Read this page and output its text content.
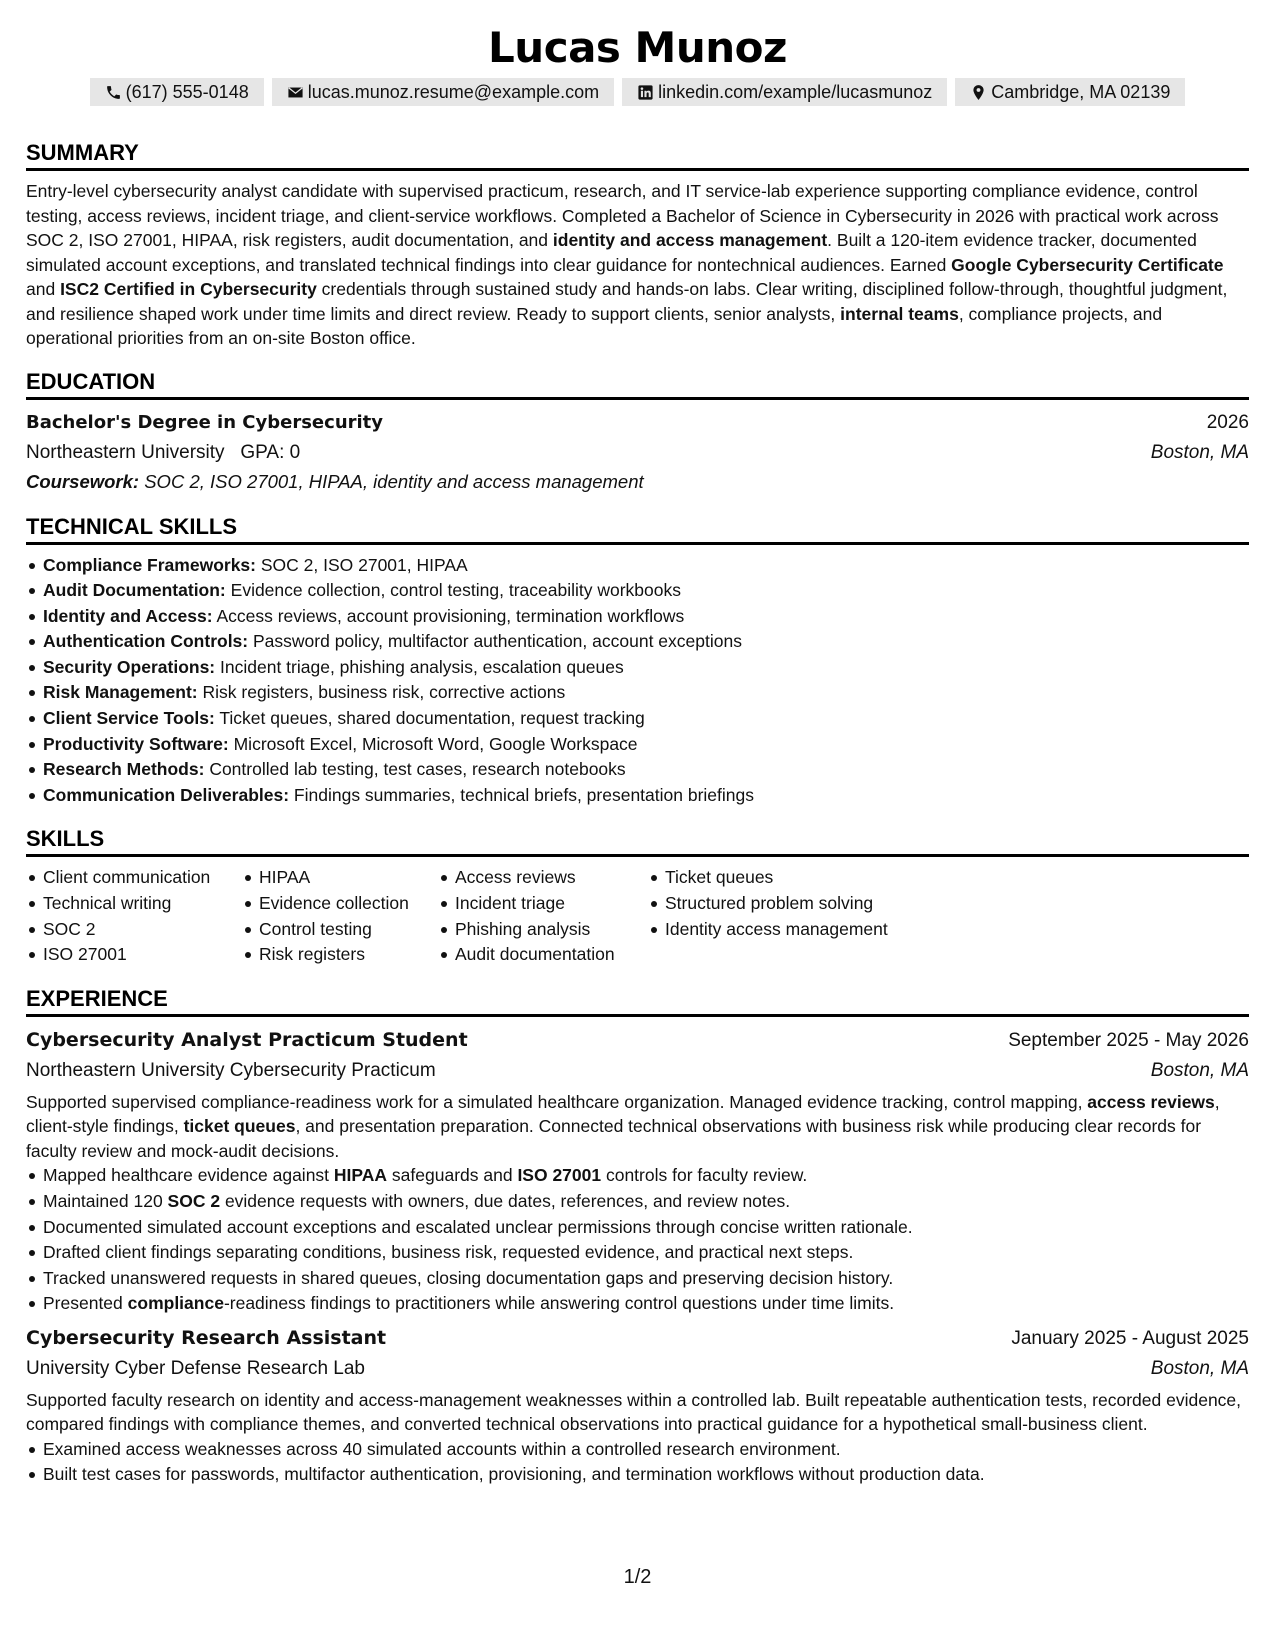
Lucas Munoz
(617) 555-0148	lucas.munoz.resume@example.com	linkedin.com/example/lucasmunoz	Cambridge, MA 02139
SUMMARY

Entry-level cybersecurity analyst candidate with supervised practicum, research, and IT service-lab experience supporting compliance evidence, control testing, access reviews, incident triage, and client-service workflows. Completed a Bachelor of Science in Cybersecurity in 2026 with practical work across SOC 2, ISO 27001, HIPAA, risk registers, audit documentation, and identity and access management. Built a 120-item evidence tracker, documented simulated account exceptions, and translated technical findings into clear guidance for nontechnical audiences. Earned Google Cybersecurity Certificate and ISC2 Certified in Cybersecurity credentials through sustained study and hands-on labs. Clear writing, disciplined follow-through, thoughtful judgment, and resilience shaped work under time limits and direct review. Ready to support clients, senior analysts, internal teams, compliance projects, and operational priorities from an on-site Boston office.

EDUCATION
Bachelor's Degree in Cybersecurity	2026
Northeastern University GPA: 0	Boston, MA
Coursework: SOC 2, ISO 27001, HIPAA, identity and access management
TECHNICAL SKILLS
Compliance Frameworks: SOC 2, ISO 27001, HIPAA
Audit Documentation: Evidence collection, control testing, traceability workbooks
Identity and Access: Access reviews, account provisioning, termination workflows
Authentication Controls: Password policy, multifactor authentication, account exceptions
Security Operations: Incident triage, phishing analysis, escalation queues
Risk Management: Risk registers, business risk, corrective actions
Client Service Tools: Ticket queues, shared documentation, request tracking
Productivity Software: Microsoft Excel, Microsoft Word, Google Workspace
Research Methods: Controlled lab testing, test cases, research notebooks
Communication Deliverables: Findings summaries, technical briefs, presentation briefings
SKILLS
Client communication
Technical writing
SOC 2
ISO 27001
HIPAA
Evidence collection
Control testing
Risk registers
Access reviews
Incident triage
Phishing analysis
Audit documentation
Ticket queues
Structured problem solving
Identity access management
EXPERIENCE
Cybersecurity Analyst Practicum Student	September 2025 - May 2026
Northeastern University Cybersecurity Practicum	Boston, MA

Supported supervised compliance-readiness work for a simulated healthcare organization. Managed evidence tracking, control mapping, access reviews, client-style findings, ticket queues, and presentation preparation. Connected technical observations with business risk while producing clear records for faculty review and mock-audit decisions.

Mapped healthcare evidence against HIPAA safeguards and ISO 27001 controls for faculty review.
Maintained 120 SOC 2 evidence requests with owners, due dates, references, and review notes.
Documented simulated account exceptions and escalated unclear permissions through concise written rationale.
Drafted client findings separating conditions, business risk, requested evidence, and practical next steps.
Tracked unanswered requests in shared queues, closing documentation gaps and preserving decision history.
Presented compliance-readiness findings to practitioners while answering control questions under time limits.
Cybersecurity Research Assistant	January 2025 - August 2025
University Cyber Defense Research Lab	Boston, MA

Supported faculty research on identity and access-management weaknesses within a controlled lab. Built repeatable authentication tests, recorded evidence, compared findings with compliance themes, and converted technical observations into practical guidance for a hypothetical small-business client.

Examined access weaknesses across 40 simulated accounts within a controlled research environment.
Built test cases for passwords, multifactor authentication, provisioning, and termination workflows without production data.
1/2
